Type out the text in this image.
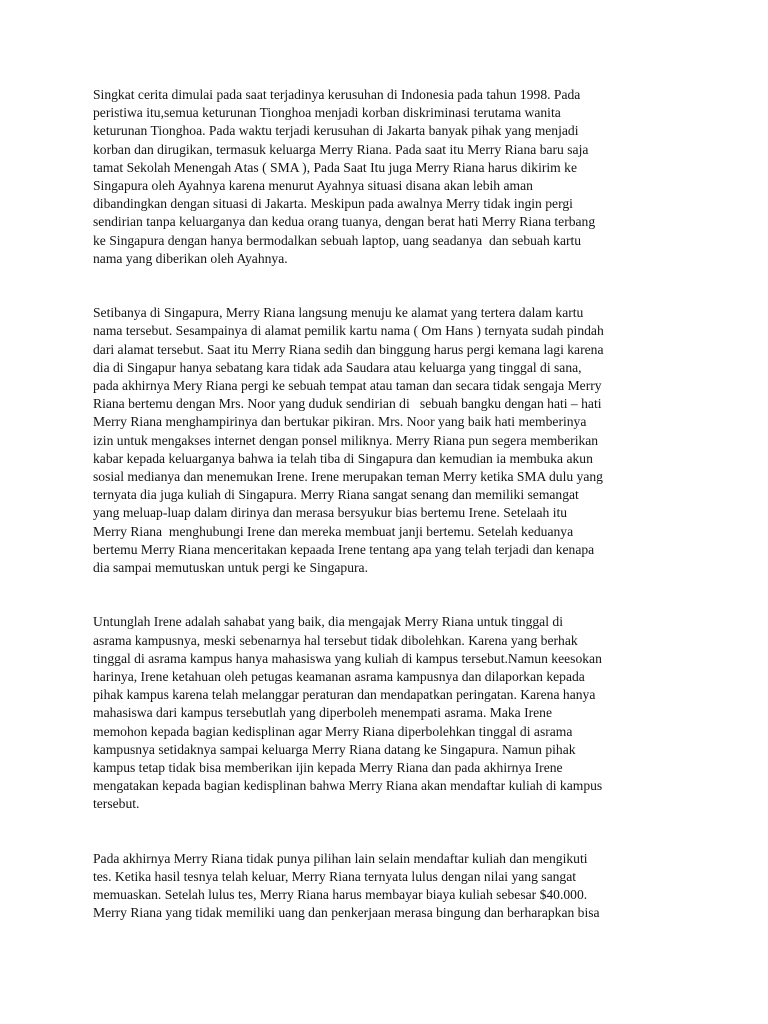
Singkat cerita dimulai pada saat terjadinya kerusuhan di Indonesia pada tahun 1998. Pada
peristiwa itu,semua keturunan Tionghoa menjadi korban diskriminasi terutama wanita
keturunan Tionghoa. Pada waktu terjadi kerusuhan di Jakarta banyak pihak yang menjadi
korban dan dirugikan, termasuk keluarga Merry Riana. Pada saat itu Merry Riana baru saja
tamat Sekolah Menengah Atas ( SMA ), Pada Saat Itu juga Merry Riana harus dikirim ke
Singapura oleh Ayahnya karena menurut Ayahnya situasi disana akan lebih aman
dibandingkan dengan situasi di Jakarta. Meskipun pada awalnya Merry tidak ingin pergi
sendirian tanpa keluarganya dan kedua orang tuanya, dengan berat hati Merry Riana terbang
ke Singapura dengan hanya bermodalkan sebuah laptop, uang seadanya  dan sebuah kartu
nama yang diberikan oleh Ayahnya.
Setibanya di Singapura, Merry Riana langsung menuju ke alamat yang tertera dalam kartu
nama tersebut. Sesampainya di alamat pemilik kartu nama ( Om Hans ) ternyata sudah pindah
dari alamat tersebut. Saat itu Merry Riana sedih dan binggung harus pergi kemana lagi karena
dia di Singapur hanya sebatang kara tidak ada Saudara atau keluarga yang tinggal di sana,
pada akhirnya Mery Riana pergi ke sebuah tempat atau taman dan secara tidak sengaja Merry
Riana bertemu dengan Mrs. Noor yang duduk sendirian di   sebuah bangku dengan hati – hati
Merry Riana menghampirinya dan bertukar pikiran. Mrs. Noor yang baik hati memberinya
izin untuk mengakses internet dengan ponsel miliknya. Merry Riana pun segera memberikan
kabar kepada keluarganya bahwa ia telah tiba di Singapura dan kemudian ia membuka akun
sosial medianya dan menemukan Irene. Irene merupakan teman Merry ketika SMA dulu yang
ternyata dia juga kuliah di Singapura. Merry Riana sangat senang dan memiliki semangat
yang meluap-luap dalam dirinya dan merasa bersyukur bias bertemu Irene. Setelaah itu
Merry Riana  menghubungi Irene dan mereka membuat janji bertemu. Setelah keduanya
bertemu Merry Riana menceritakan kepaada Irene tentang apa yang telah terjadi dan kenapa
dia sampai memutuskan untuk pergi ke Singapura.
Untunglah Irene adalah sahabat yang baik, dia mengajak Merry Riana untuk tinggal di
asrama kampusnya, meski sebenarnya hal tersebut tidak dibolehkan. Karena yang berhak
tinggal di asrama kampus hanya mahasiswa yang kuliah di kampus tersebut.Namun keesokan
harinya, Irene ketahuan oleh petugas keamanan asrama kampusnya dan dilaporkan kepada
pihak kampus karena telah melanggar peraturan dan mendapatkan peringatan. Karena hanya
mahasiswa dari kampus tersebutlah yang diperboleh menempati asrama. Maka Irene
memohon kepada bagian kedisplinan agar Merry Riana diperbolehkan tinggal di asrama
kampusnya setidaknya sampai keluarga Merry Riana datang ke Singapura. Namun pihak
kampus tetap tidak bisa memberikan ijin kepada Merry Riana dan pada akhirnya Irene
mengatakan kepada bagian kedisplinan bahwa Merry Riana akan mendaftar kuliah di kampus
tersebut.
Pada akhirnya Merry Riana tidak punya pilihan lain selain mendaftar kuliah dan mengikuti
tes. Ketika hasil tesnya telah keluar, Merry Riana ternyata lulus dengan nilai yang sangat
memuaskan. Setelah lulus tes, Merry Riana harus membayar biaya kuliah sebesar $40.000.
Merry Riana yang tidak memiliki uang dan penkerjaan merasa bingung dan berharapkan bisa
